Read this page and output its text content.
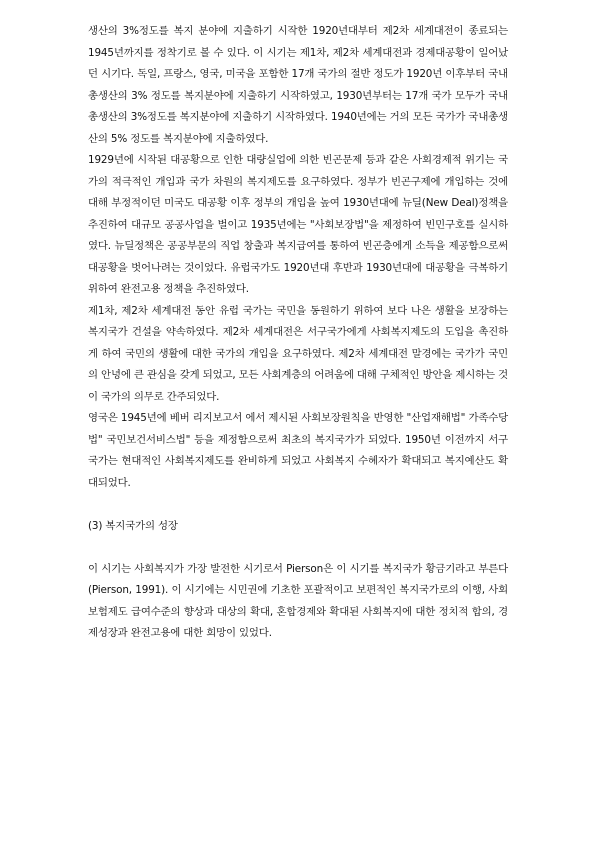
생산의 3%정도를 복지 분야에 지출하기 시작한 1920년대부터 제2차 세계대전이 종료되는 1945년까지를 정착기로 볼 수 있다. 이 시기는 제1차, 제2차 세계대전과 경제대공황이 일어났던 시기다. 독일, 프랑스, 영국, 미국을 포함한 17개 국가의 절반 정도가 1920년 이후부터 국내총생산의 3% 정도를 복지분야에 지출하기 시작하였고, 1930년부터는 17개 국가 모두가 국내총생산의 3%정도를 복지분야에 지출하기 시작하였다. 1940년에는 거의 모든 국가가 국내총생산의 5% 정도를 복지분야에 지출하였다.

1929년에 시작된 대공황으로 인한 대량실업에 의한 빈곤문제 등과 같은 사회경제적 위기는 국가의 적극적인 개입과 국가 차원의 복지제도를 요구하였다. 정부가 빈곤구제에 개입하는 것에 대해 부정적이던 미국도 대공황 이후 정부의 개입을 높여 1930년대에 뉴딜(New Deal)정책을 추진하여 대규모 공공사업을 벌이고 1935년에는 "사회보장법"을 제정하여 빈민구호를 실시하였다. 뉴딜정책은 공공부문의 직업 창출과 복지급여를 통하여 빈곤층에게 소득을 제공함으로써 대공황을 벗어나려는 것이었다. 유럽국가도 1920년대 후반과 1930년대에 대공황을 극복하기 위하여 완전고용 정책을 추진하였다.

제1차, 제2차 세계대전 동안 유럽 국가는 국민을 동원하기 위하여 보다 나은 생활을 보장하는 복지국가 건설을 약속하였다. 제2차 세계대전은 서구국가에게 사회복지제도의 도입을 촉진하게 하여 국민의 생활에 대한 국가의 개입을 요구하였다. 제2차 세계대전 말경에는 국가가 국민의 안녕에 큰 관심을 갖게 되었고, 모든 사회계층의 어려움에 대해 구체적인 방안을 제시하는 것이 국가의 의무로 간주되었다.

영국은 1945년에 베버 리지보고서 에서 제시된 사회보장원칙을 반영한 "산업재해법" 가족수당법" 국민보건서비스법" 등을 제정함으로써 최초의 복지국가가 되었다. 1950년 이전까지 서구국가는 현대적인 사회복지제도를 완비하게 되었고 사회복지 수혜자가 확대되고 복지예산도 확대되었다.

(3) 복지국가의 성장

이 시기는 사회복지가 가장 발전한 시기로서 Pierson은 이 시기를 복지국가 황금기라고 부른다(Pierson, 1991). 이 시기에는 시민권에 기초한 포괄적이고 보편적인 복지국가로의 이행, 사회보험제도 급여수준의 향상과 대상의 확대, 혼합경제와 확대된 사회복지에 대한 정치적 합의, 경제성장과 완전고용에 대한 희망이 있었다.
